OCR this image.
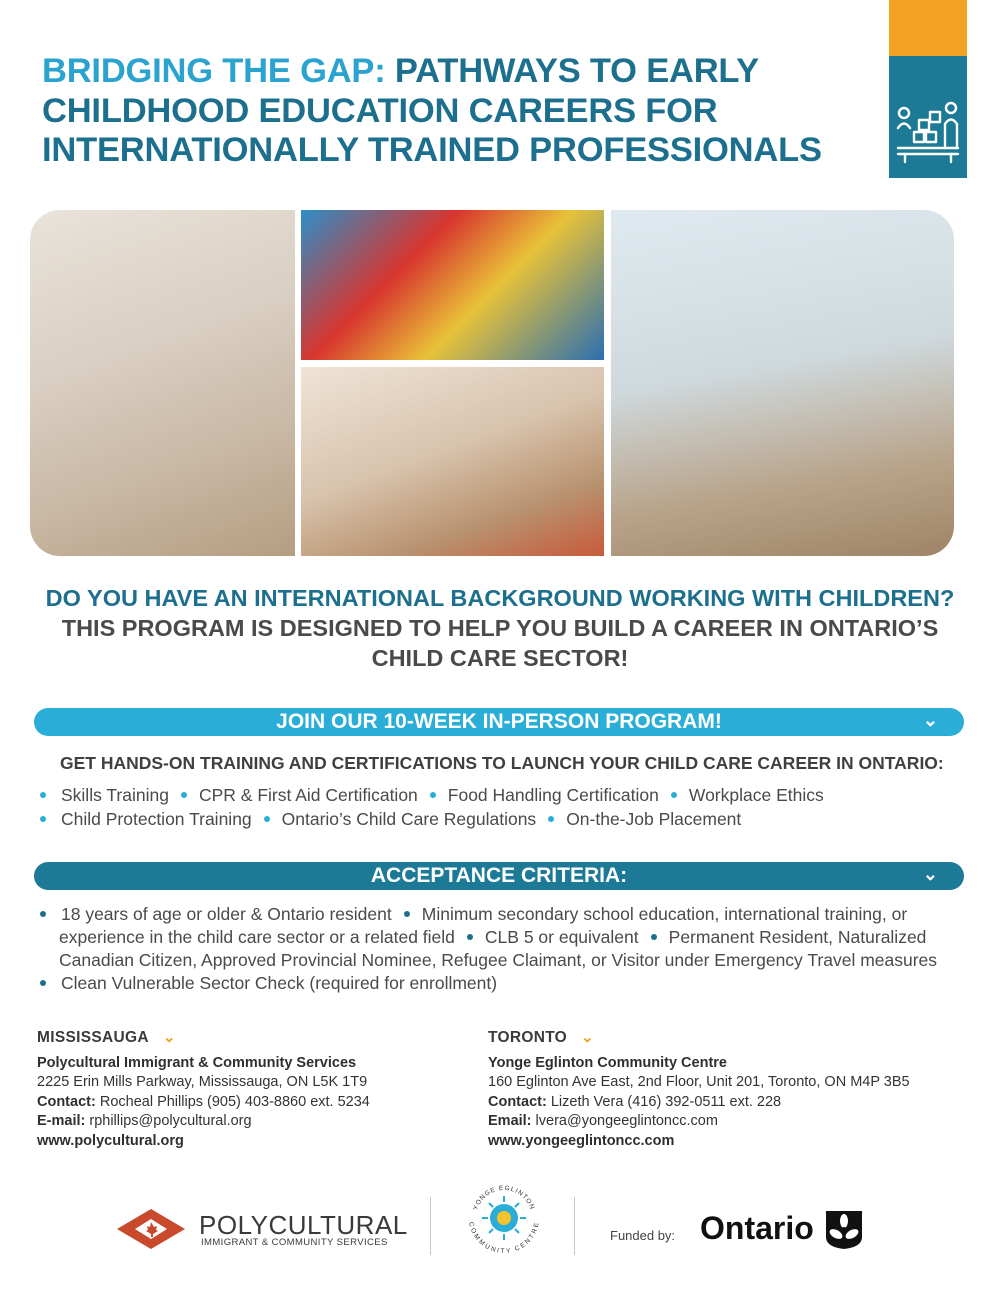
BRIDGING THE GAP: PATHWAYS TO EARLY CHILDHOOD EDUCATION CAREERS FOR INTERNATIONALLY TRAINED PROFESSIONALS
DO YOU HAVE AN INTERNATIONAL BACKGROUND WORKING WITH CHILDREN? THIS PROGRAM IS DESIGNED TO HELP YOU BUILD A CAREER IN ONTARIO’S CHILD CARE SECTOR!
JOIN OUR 10-WEEK IN-PERSON PROGRAM!	⌄
GET HANDS-ON TRAINING AND CERTIFICATIONS TO LAUNCH YOUR CHILD CARE CAREER IN ONTARIO:
Skills Training CPR & First Aid Certification Food Handling Certification Workplace Ethics
Child Protection Training Ontario’s Child Care Regulations On-the-Job Placement
ACCEPTANCE CRITERIA:	⌄
18 years of age or older & Ontario resident Minimum secondary school education, international training, or
experience in the child care sector or a related field CLB 5 or equivalent Permanent Resident, Naturalized
Canadian Citizen, Approved Provincial Nominee, Refugee Claimant, or Visitor under Emergency Travel measures
Clean Vulnerable Sector Check (required for enrollment)
MISSISSAUGA ⌄
Polycultural Immigrant & Community Services
2225 Erin Mills Parkway, Mississauga, ON L5K 1T9
Contact: Rocheal Phillips (905) 403-8860 ext. 5234
E-mail: rphillips@polycultural.org
www.polycultural.org
TORONTO ⌄
Yonge Eglinton Community Centre
160 Eglinton Ave East, 2nd Floor, Unit 201, Toronto, ON M4P 3B5
Contact: Lizeth Vera (416) 392-0511 ext. 228
Email: lvera@yongeeglintoncc.com
www.yongeeglintoncc.com
POLYCULTURAL
IMMIGRANT & COMMUNITY SERVICES
YONGE EGLINTON
COMMUNITY CENTRE
Funded by: Ontario
